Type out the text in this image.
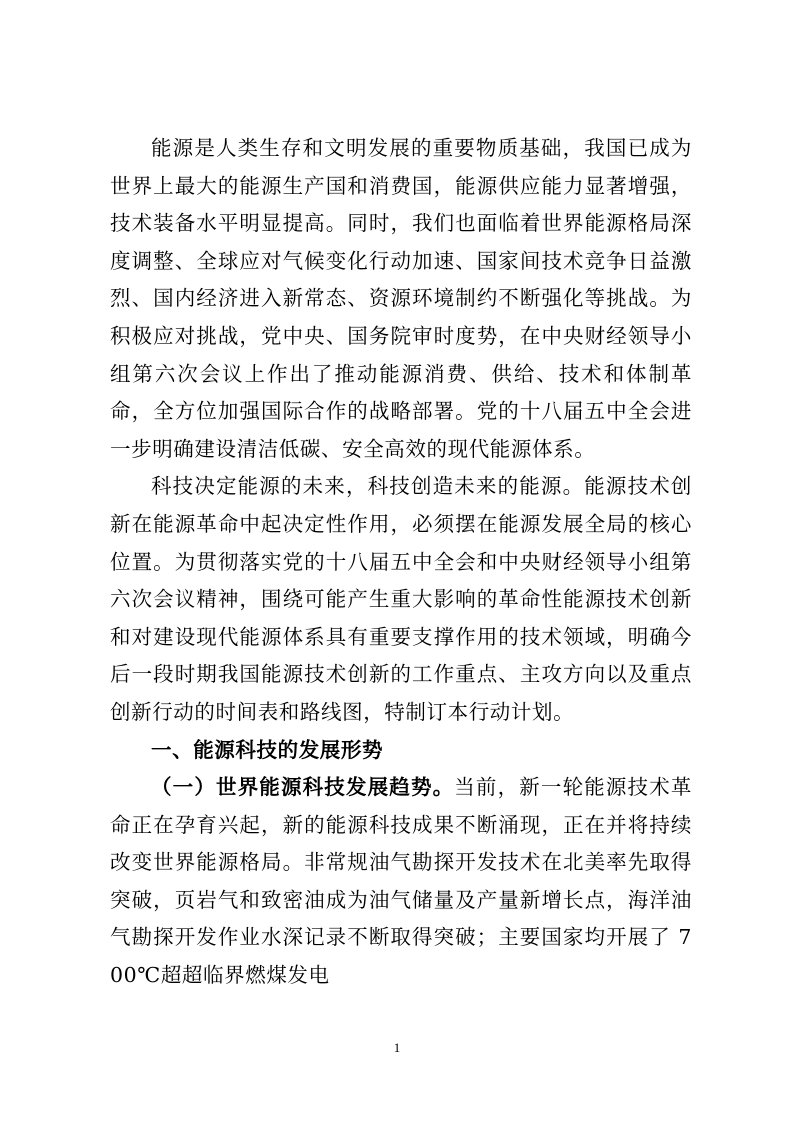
能源是人类生存和文明发展的重要物质基础，我国已成为世界上最大的能源生产国和消费国，能源供应能力显著增强，技术装备水平明显提高。同时，我们也面临着世界能源格局深度调整、全球应对气候变化行动加速、国家间技术竞争日益激烈、国内经济进入新常态、资源环境制约不断强化等挑战。为积极应对挑战，党中央、国务院审时度势，在中央财经领导小组第六次会议上作出了推动能源消费、供给、技术和体制革命，全方位加强国际合作的战略部署。党的十八届五中全会进一步明确建设清洁低碳、安全高效的现代能源体系。

科技决定能源的未来，科技创造未来的能源。能源技术创新在能源革命中起决定性作用，必须摆在能源发展全局的核心位置。为贯彻落实党的十八届五中全会和中央财经领导小组第六次会议精神，围绕可能产生重大影响的革命性能源技术创新和对建设现代能源体系具有重要支撑作用的技术领域，明确今后一段时期我国能源技术创新的工作重点、主攻方向以及重点创新行动的时间表和路线图，特制订本行动计划。

一、能源科技的发展形势

（一）世界能源科技发展趋势。当前，新一轮能源技术革命正在孕育兴起，新的能源科技成果不断涌现，正在并将持续改变世界能源格局。非常规油气勘探开发技术在北美率先取得突破，页岩气和致密油成为油气储量及产量新增长点，海洋油气勘探开发作业水深记录不断取得突破；主要国家均开展了 700℃超超临界燃煤发电

1
